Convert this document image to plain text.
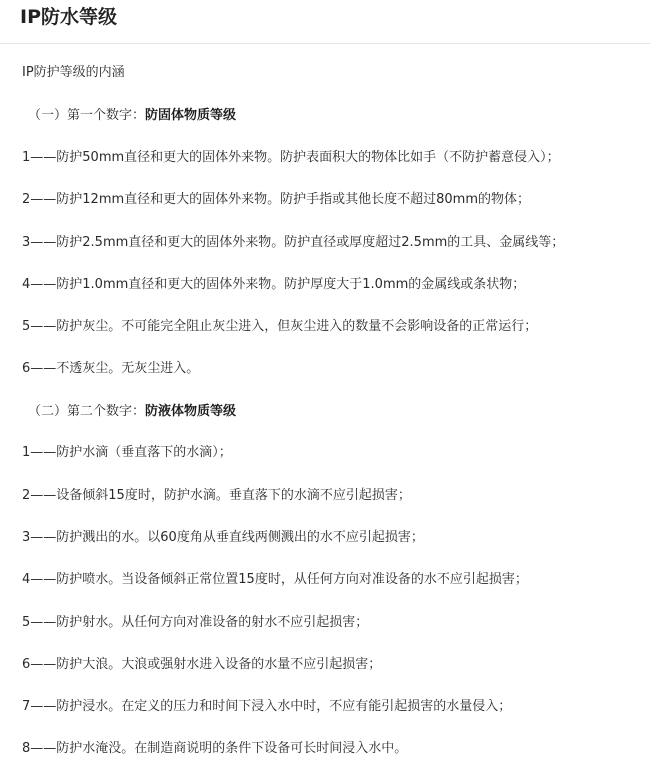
IP防水等级
IP防护等级的内涵
（一）第一个数字：防固体物质等级
1——防护50mm直径和更大的固体外来物。防护表面积大的物体比如手（不防护蓄意侵入）；
2——防护12mm直径和更大的固体外来物。防护手指或其他长度不超过80mm的物体；
3——防护2.5mm直径和更大的固体外来物。防护直径或厚度超过2.5mm的工具、金属线等；
4——防护1.0mm直径和更大的固体外来物。防护厚度大于1.0mm的金属线或条状物；
5——防护灰尘。不可能完全阻止灰尘进入，但灰尘进入的数量不会影响设备的正常运行；
6——不透灰尘。无灰尘进入。
（二）第二个数字：防液体物质等级
1——防护水滴（垂直落下的水滴）；
2——设备倾斜15度时，防护水滴。垂直落下的水滴不应引起损害；
3——防护溅出的水。以60度角从垂直线两侧溅出的水不应引起损害；
4——防护喷水。当设备倾斜正常位置15度时，从任何方向对准设备的水不应引起损害；
5——防护射水。从任何方向对准设备的射水不应引起损害；
6——防护大浪。大浪或强射水进入设备的水量不应引起损害；
7——防护浸水。在定义的压力和时间下浸入水中时，不应有能引起损害的水量侵入；
8——防护水淹没。在制造商说明的条件下设备可长时间浸入水中。
